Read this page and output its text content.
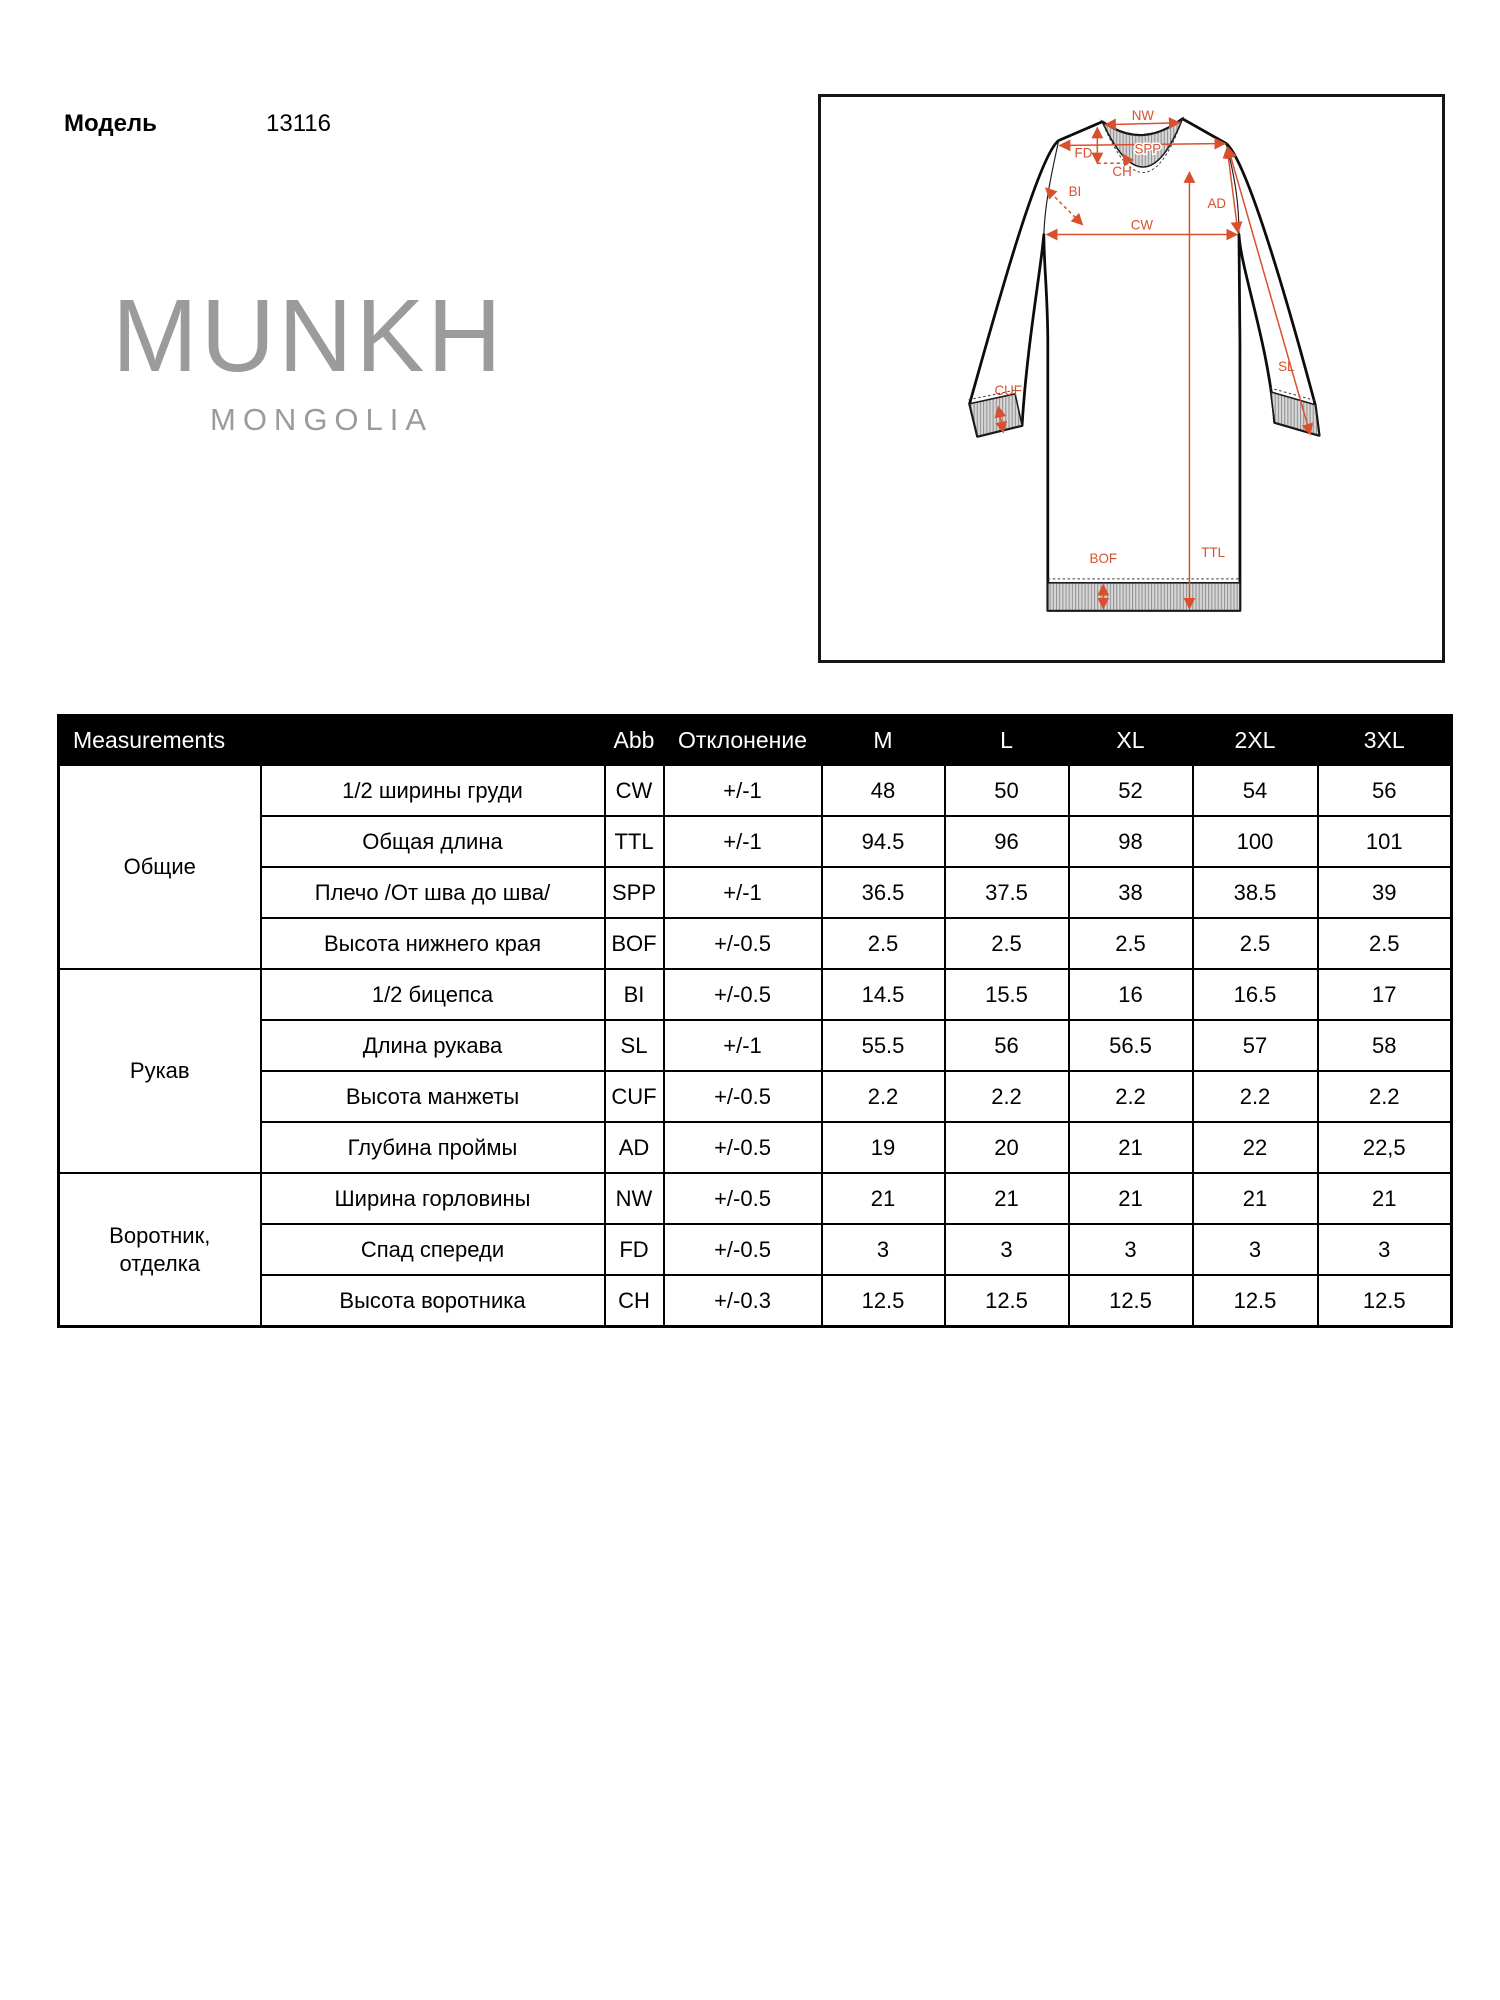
Модель	13116
MUNKH
MONGOLIA
NW
SPP
FD
CH
BI
AD
CW
SL
CUF
TTL
BOF
Measurements		Abb	Отклонение	M	L	XL	2XL	3XL

Общие	1/2 ширины груди	CW	+/-1	48	50	52	54	56
	Общая длина	TTL	+/-1	94.5	96	98	100	101
	Плечо /От шва до шва/	SPP	+/-1	36.5	37.5	38	38.5	39
	Высота нижнего края	BOF	+/-0.5	2.5	2.5	2.5	2.5	2.5

Рукав	1/2 бицепса	BI	+/-0.5	14.5	15.5	16	16.5	17
	Длина рукава	SL	+/-1	55.5	56	56.5	57	58
	Высота манжеты	CUF	+/-0.5	2.2	2.2	2.2	2.2	2.2
	Глубина проймы	AD	+/-0.5	19	20	21	22	22,5

Воротник, отделка	Ширина горловины	NW	+/-0.5	21	21	21	21	21
	Спад спереди	FD	+/-0.5	3	3	3	3	3
	Высота воротника	CH	+/-0.3	12.5	12.5	12.5	12.5	12.5
